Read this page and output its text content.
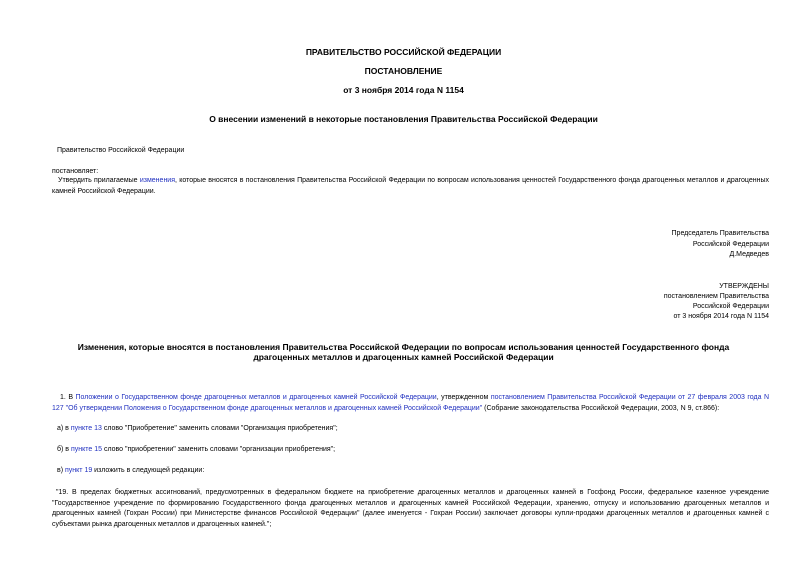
ПРАВИТЕЛЬСТВО РОССИЙСКОЙ ФЕДЕРАЦИИ
ПОСТАНОВЛЕНИЕ
от 3 ноября 2014 года N 1154
О внесении изменений в некоторые постановления Правительства Российской Федерации
Правительство Российской Федерации
постановляет:
Утвердить прилагаемые изменения, которые вносятся в постановления Правительства Российской Федерации по вопросам использования ценностей Государственного фонда драгоценных металлов и драгоценных камней Российской Федерации.
Председатель Правительства
Российской Федерации
Д.Медведев
УТВЕРЖДЕНЫ
постановлением Правительства
Российской Федерации
от 3 ноября 2014 года N 1154
Изменения, которые вносятся в постановления Правительства Российской Федерации по вопросам использования ценностей Государственного фонда
драгоценных металлов и драгоценных камней Российской Федерации
1. В Положении о Государственном фонде драгоценных металлов и драгоценных камней Российской Федерации, утвержденном постановлением Правительства Российской Федерации от 27 февраля 2003 года N 127 "Об утверждении Положения о Государственном фонде драгоценных металлов и драгоценных камней Российской Федерации" (Собрание законодательства Российской Федерации, 2003, N 9, ст.866):
а) в пункте 13 слово "Приобретение" заменить словами "Организация приобретения";
б) в пункте 15 слово "приобретении" заменить словами "организации приобретения";
в) пункт 19 изложить в следующей редакции:
"19. В пределах бюджетных ассигнований, предусмотренных в федеральном бюджете на приобретение драгоценных металлов и драгоценных камней в Госфонд России, федеральное казенное учреждение "Государственное учреждение по формированию Государственного фонда драгоценных металлов и драгоценных камней Российской Федерации, хранению, отпуску и использованию драгоценных металлов и драгоценных камней (Гохран России) при Министерстве финансов Российской Федерации" (далее именуется - Гохран России) заключает договоры купли-продажи драгоценных металлов и драгоценных камней с субъектами рынка драгоценных металлов и драгоценных камней.";
